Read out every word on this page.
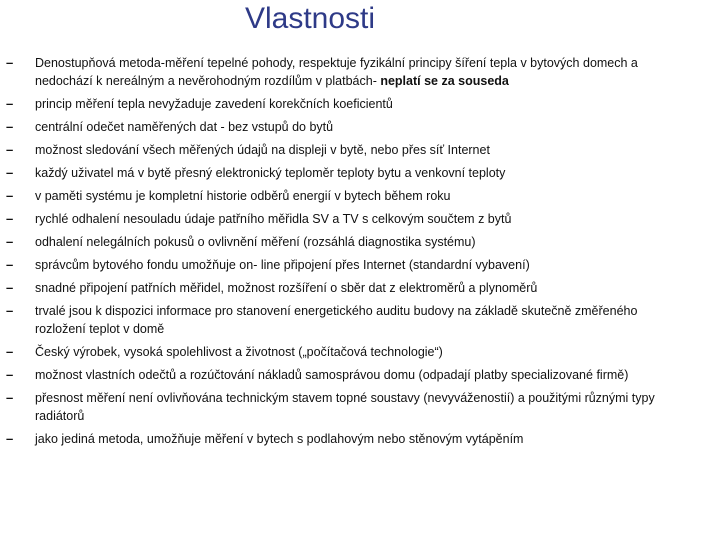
Vlastnosti
– Denostupňová metoda-měření tepelné pohody, respektuje fyzikální principy šíření tepla v bytových domech a nedochází k nereálným a nevěrohodným rozdílům v platbách- neplatí se za souseda
– princip měření tepla nevyžaduje zavedení korekčních koeficientů
– centrální odečet naměřených dat - bez vstupů do bytů
– možnost sledování všech měřených údajů na displeji v bytě, nebo přes síť Internet
– každý uživatel má v bytě přesný elektronický teploměr teploty bytu a venkovní teploty
– v paměti systému je kompletní historie odběrů energií v bytech během roku
– rychlé odhalení nesouladu údaje patřního měřidla SV a TV s celkovým součtem z bytů
– odhalení nelegálních pokusů o ovlivnění měření (rozsáhlá diagnostika systému)
– správcům bytového fondu umožňuje on- line připojení přes Internet (standardní vybavení)
– snadné připojení patřních měřidel, možnost rozšíření o sběr dat z elektroměrů a plynoměrů
– trvalé jsou k dispozici informace pro stanovení energetického auditu budovy na základě skutečně změřeného rozložení teplot v domě
– Český výrobek, vysoká spolehlivost a životnost („počítačová technologie“)
– možnost vlastních odečtů a rozúčtování nákladů samosprávou domu (odpadají platby specializované firmě)
– přesnost měření není ovlivňována technickým stavem topné soustavy (nevyváženostií) a použitými různými typy radiátorů
– jako jediná metoda, umožňuje měření v bytech s podlahovým nebo stěnovým vytápěním
